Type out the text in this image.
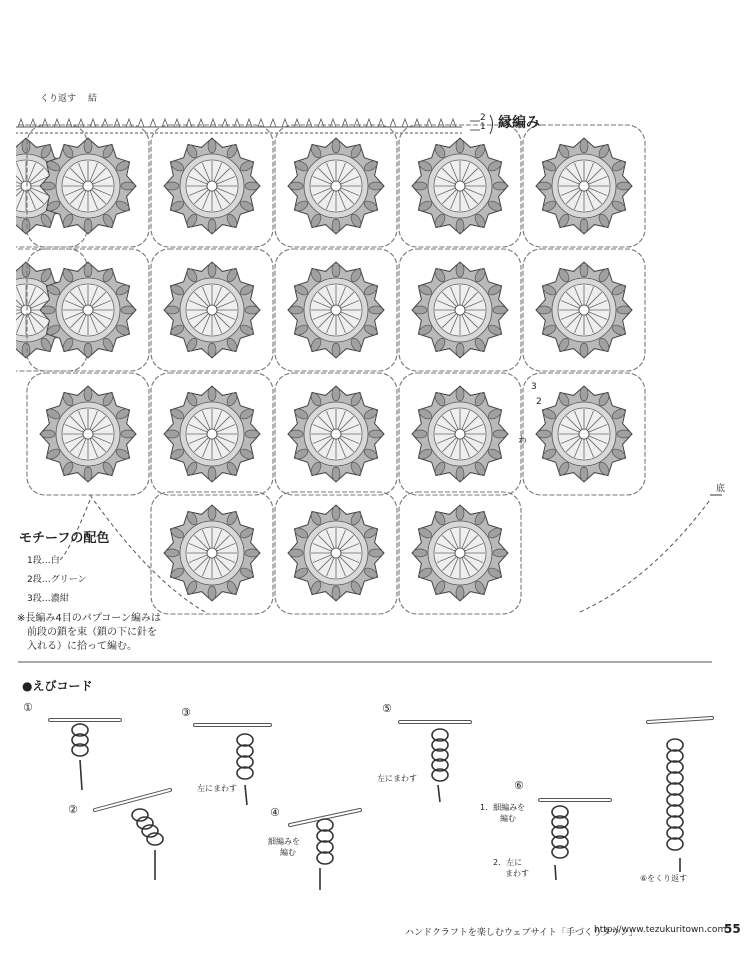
くり返す 結
2
1 縁編み
3
2
わ
底
モチーフの配色
1段…白
2段…グリーン
3段…濃紺
※長編み4目のパプコーン編みは
前段の鎖を束（鎖の下に針を
入れる）に拾って編む。
●えびコード
①
②
③
左にまわす
④
細編みを
編む
⑤
左にまわす
⑥
1．細編みを
編む
2．左に
まわす
⑥をくり返す
ハンドクラフトを楽しむウェブサイト「手づくりタウン」
http://www.tezukuritown.com
55
